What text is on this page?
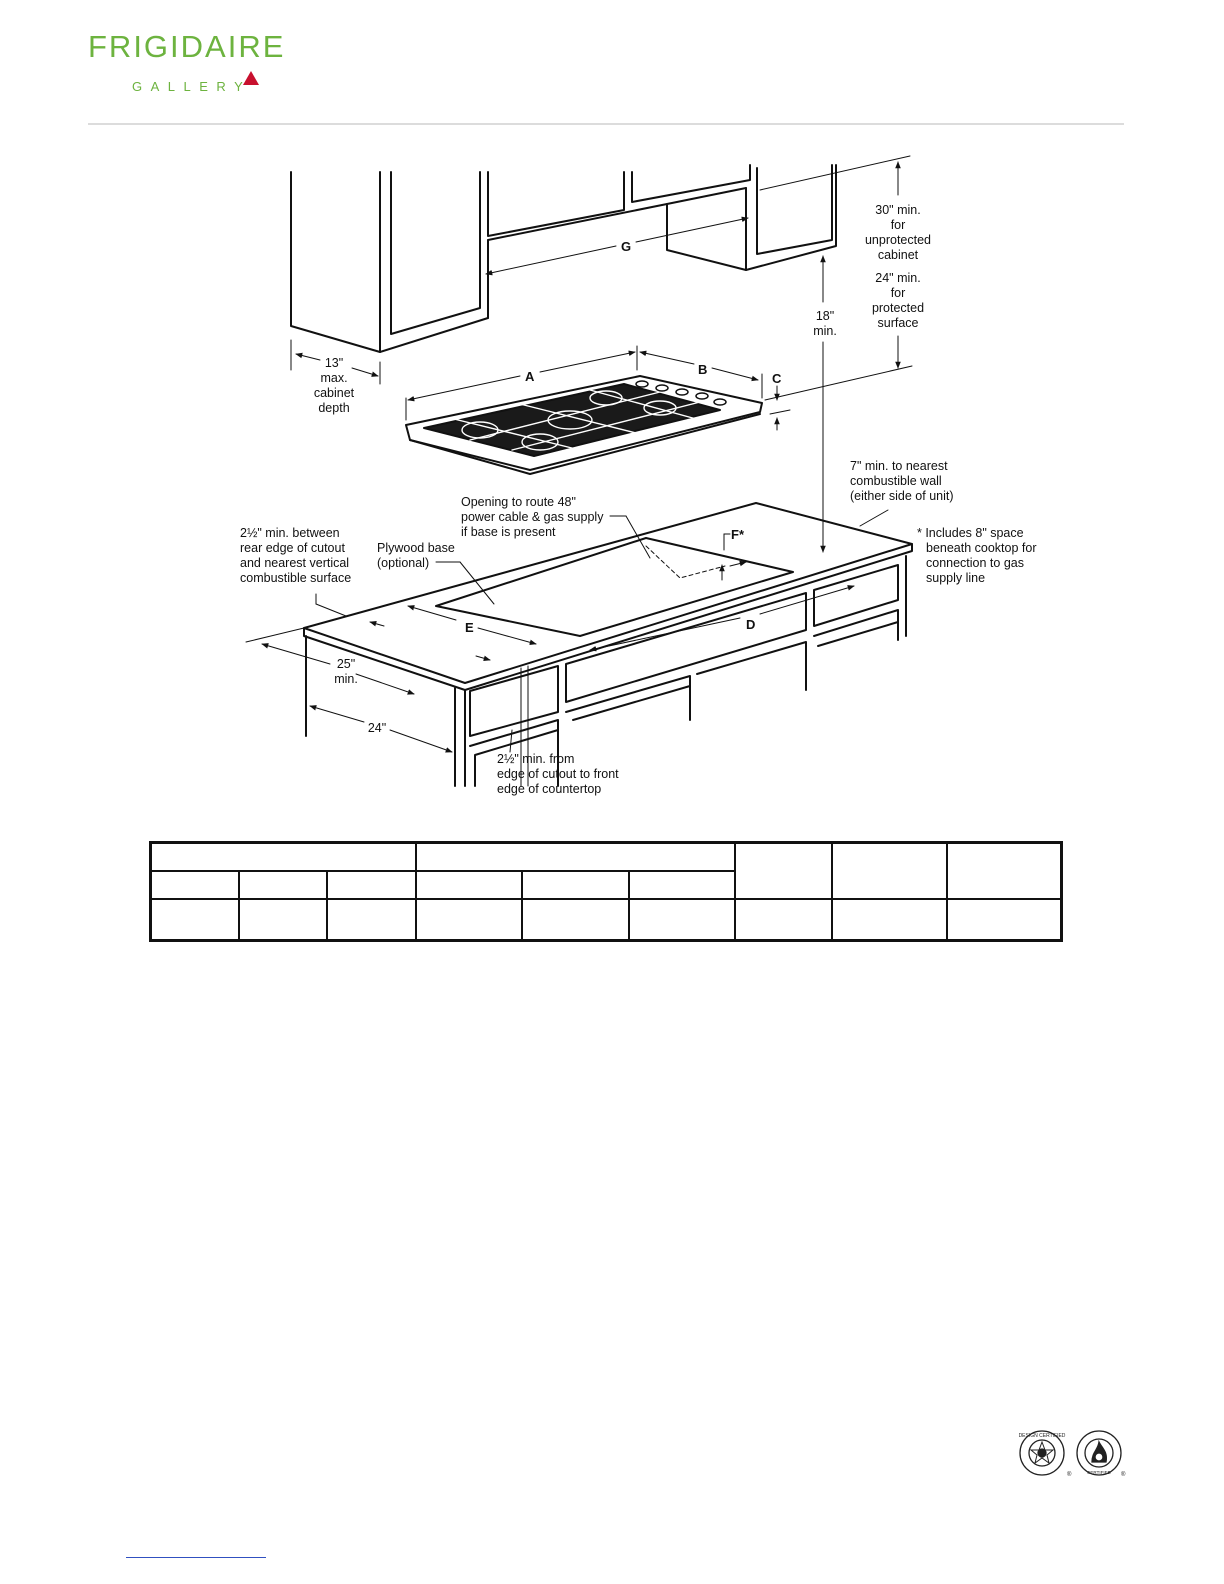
FRIGIDAIRE
GALLERY
G
30" min.
for
unprotected
cabinet
24" min.
for
protected
surface
18"
min.
13"
max.
cabinet
depth
A	B
C
D
E
F*
25"
min.
24"
7" min. to nearest
combustible wall
(either side of unit)
Opening to route 48"
power cable & gas supply
if base is present
2½" min. between
rear edge of cutout
and nearest vertical
combustible surface
Plywood base
(optional)
* Includes 8" space
beneath cooktop for
connection to gas
supply line
2½" min. from
edge of cutout to front
edge of countertop

DESIGN CERTIFIED
®	CERTIFIED ®
